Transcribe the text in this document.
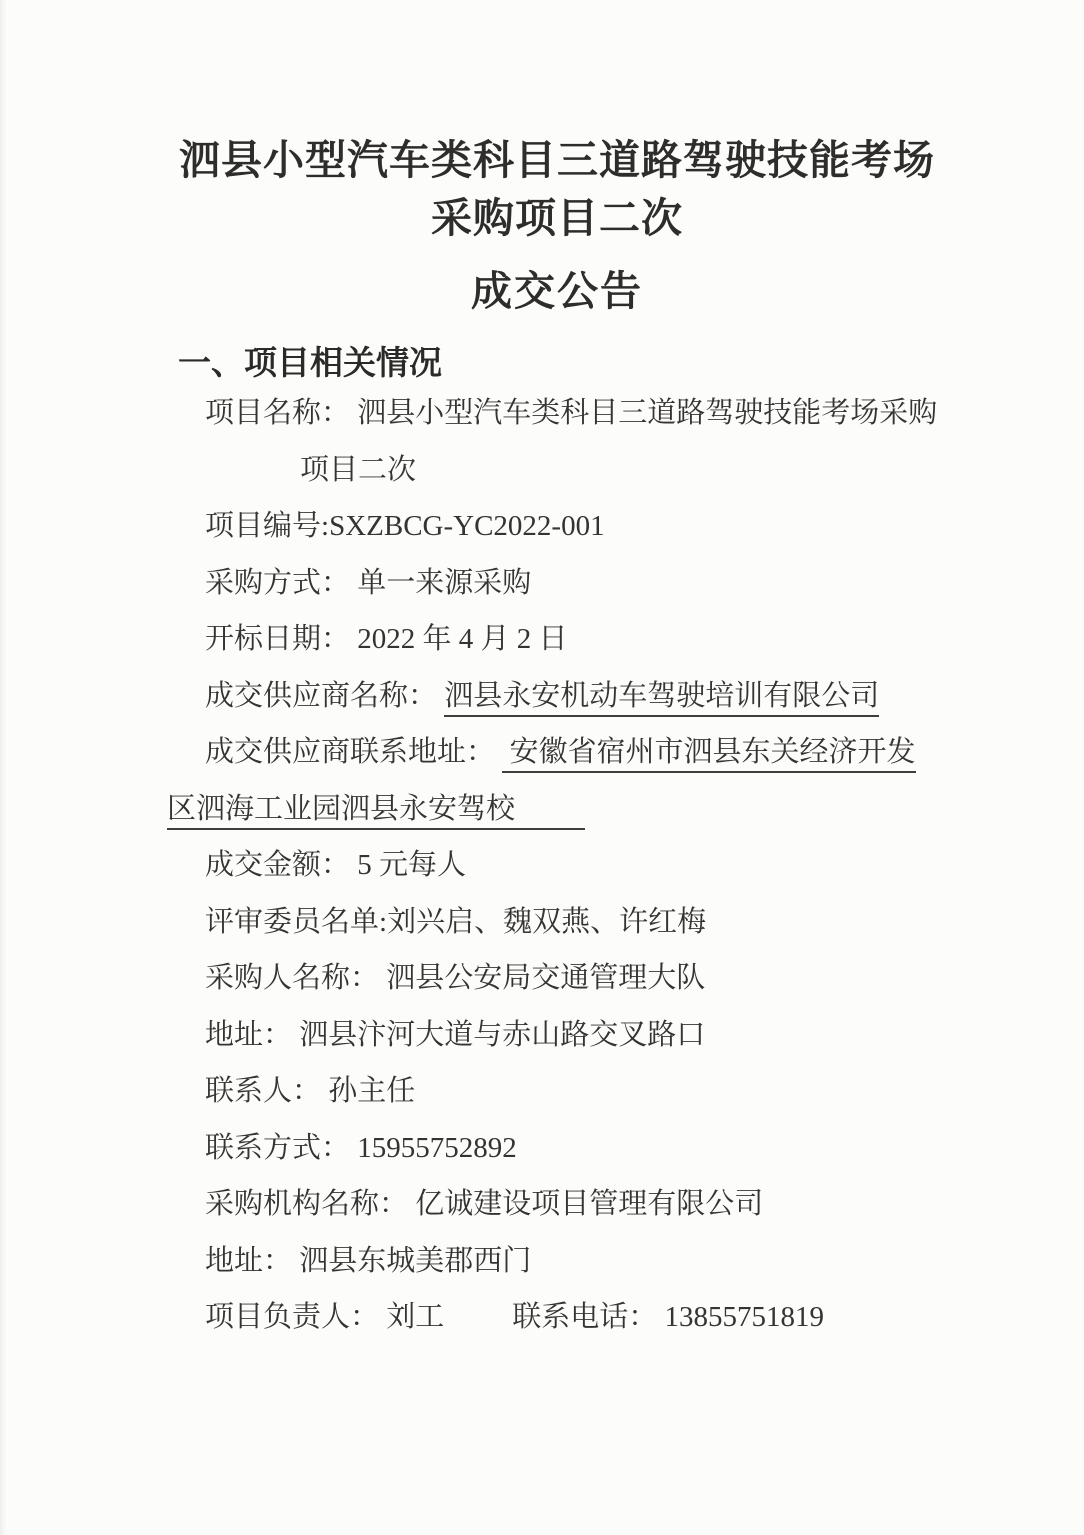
泗县小型汽车类科目三道路驾驶技能考场
采购项目二次
成交公告
一、项目相关情况

项目名称： 泗县小型汽车类科目三道路驾驶技能考场采购

项目二次

项目编号:SXZBCG-YC2022-001

采购方式： 单一来源采购

开标日期： 2022 年 4 月 2 日

成交供应商名称： 泗县永安机动车驾驶培训有限公司

成交供应商联系地址：  安徽省宿州市泗县东关经济开发

区泗海工业园泗县永安驾校

成交金额： 5 元每人

评审委员名单:刘兴启、魏双燕、许红梅

采购人名称： 泗县公安局交通管理大队

地址： 泗县汴河大道与赤山路交叉路口

联系人： 孙主任

联系方式： 15955752892

采购机构名称： 亿诚建设项目管理有限公司

地址： 泗县东城美郡西门

项目负责人： 刘工 联系电话： 13855751819
